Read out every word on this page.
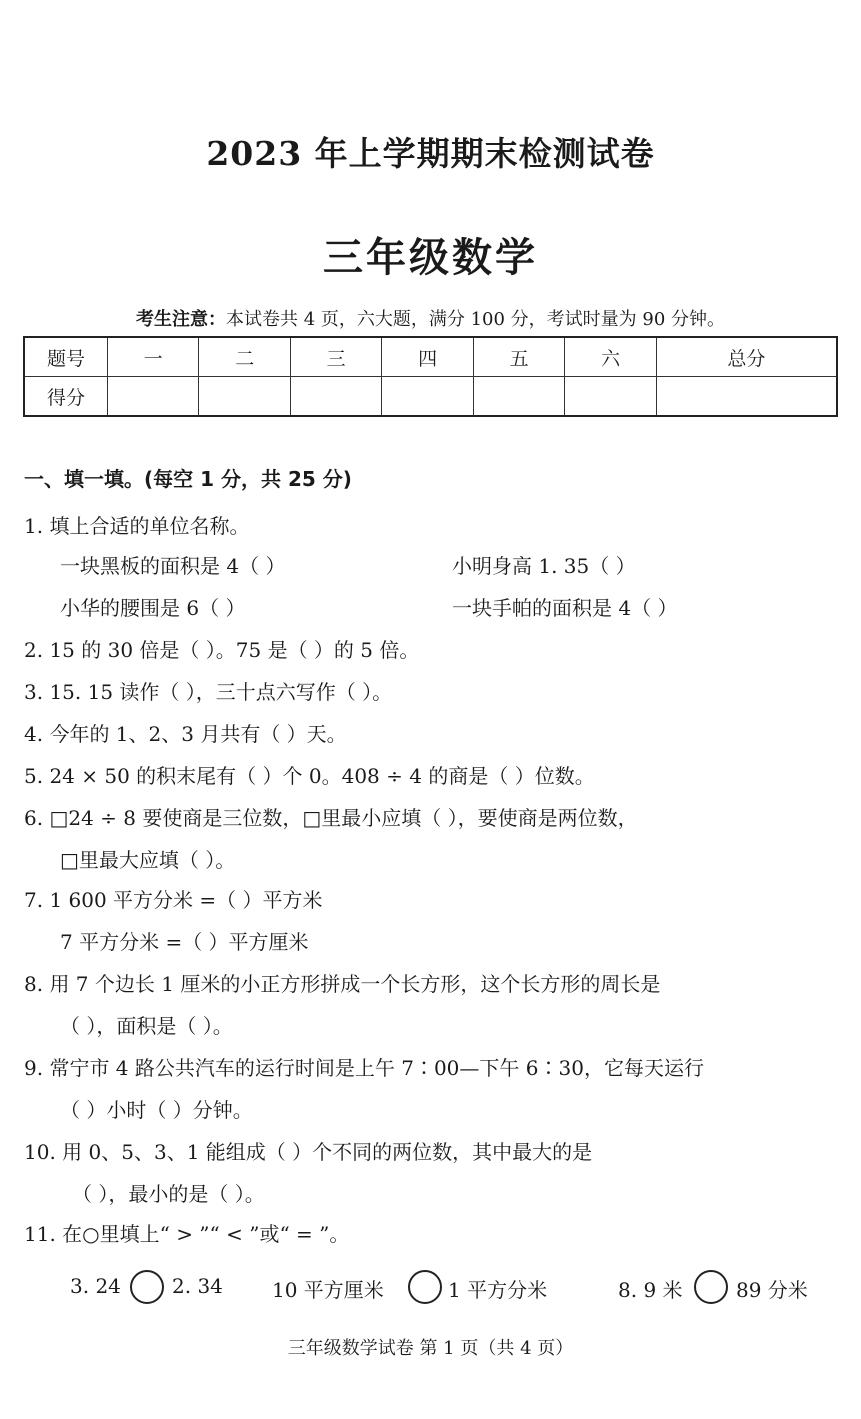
2023 年上学期期末检测试卷
三年级数学
考生注意：本试卷共 4 页，六大题，满分 100 分，考试时量为 90 分钟。
题号	一	二	三	四	五	六	总分
得分							
一、填一填。(每空 1 分，共 25 分)
1. 填上合适的单位名称。
一块黑板的面积是 4（ ）	小明身高 1. 35（ ）
小华的腰围是 6（ ）	一块手帕的面积是 4（ ）
2. 15 的 30 倍是（ ）。75 是（ ）的 5 倍。
3. 15. 15 读作（ ），三十点六写作（ ）。
4. 今年的 1、2、3 月共有（ ）天。
5. 24 × 50 的积末尾有（ ）个 0。408 ÷ 4 的商是（ ）位数。
6. □24 ÷ 8 要使商是三位数，□里最小应填（ ），要使商是两位数，
□里最大应填（ ）。
7. 1 600 平方分米 =（ ）平方米
7 平方分米 =（ ）平方厘米
8. 用 7 个边长 1 厘米的小正方形拼成一个长方形，这个长方形的周长是
（ ），面积是（ ）。
9. 常宁市 4 路公共汽车的运行时间是上午 7∶00—下午 6∶30，它每天运行
（ ）小时（ ）分钟。
10. 用 0、5、3、1 能组成（ ）个不同的两位数，其中最大的是
（ ），最小的是（ ）。
11. 在○里填上“ > ”“ < ”或“ = ”。
3. 24	2. 34 10 平方厘米	1 平方分米	8. 9 米	89 分米
三年级数学试卷 第 1 页（共 4 页）
